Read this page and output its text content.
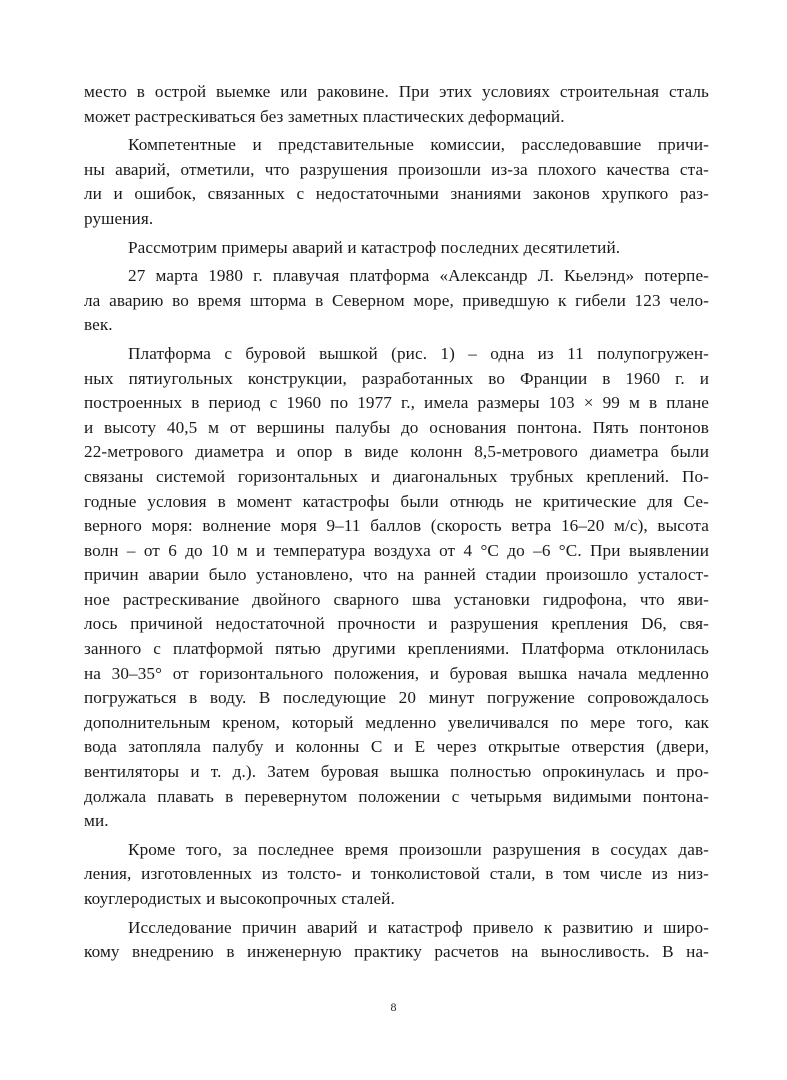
место в острой выемке или раковине. При этих условиях строительная сталь
может растрескиваться без заметных пластических деформаций.
Компетентные и представительные комиссии, расследовавшие причи-
ны аварий, отметили, что разрушения произошли из-за плохого качества ста-
ли и ошибок, связанных с недостаточными знаниями законов хрупкого раз-
рушения.
Рассмотрим примеры аварий и катастроф последних десятилетий.
27 марта 1980 г. плавучая платформа «Александр Л. Кьелэнд» потерпе-
ла аварию во время шторма в Северном море, приведшую к гибели 123 чело-
век.
Платформа с буровой вышкой (рис. 1) – одна из 11 полупогружен-
ных пятиугольных конструкции, разработанных во Франции в 1960 г. и
построенных в период с 1960 по 1977 г., имела размеры 103 × 99 м в плане
и высоту 40,5 м от вершины палубы до основания понтона. Пять понтонов
22-метрового диаметра и опор в виде колонн 8,5-метрового диаметра были
связаны системой горизонтальных и диагональных трубных креплений. По-
годные условия в момент катастрофы были отнюдь не критические для Се-
верного моря: волнение моря 9–11 баллов (скорость ветра 16–20 м/с), высота
волн – от 6 до 10 м и температура воздуха от 4 °С до –6 °С. При выявлении
причин аварии было установлено, что на ранней стадии произошло усталост-
ное растрескивание двойного сварного шва установки гидрофона, что яви-
лось причиной недостаточной прочности и разрушения крепления D6, свя-
занного с платформой пятью другими креплениями. Платформа отклонилась
на 30–35° от горизонтального положения, и буровая вышка начала медленно
погружаться в воду. В последующие 20 минут погружение сопровождалось
дополнительным креном, который медленно увеличивался по мере того, как
вода затопляла палубу и колонны C и E через открытые отверстия (двери,
вентиляторы и т. д.). Затем буровая вышка полностью опрокинулась и про-
должала плавать в перевернутом положении с четырьмя видимыми понтона-
ми.
Кроме того, за последнее время произошли разрушения в сосудах дав-
ления, изготовленных из толсто- и тонколистовой стали, в том числе из низ-
коуглеродистых и высокопрочных сталей.
Исследование причин аварий и катастроф привело к развитию и широ-
кому внедрению в инженерную практику расчетов на выносливость. В на-
8
